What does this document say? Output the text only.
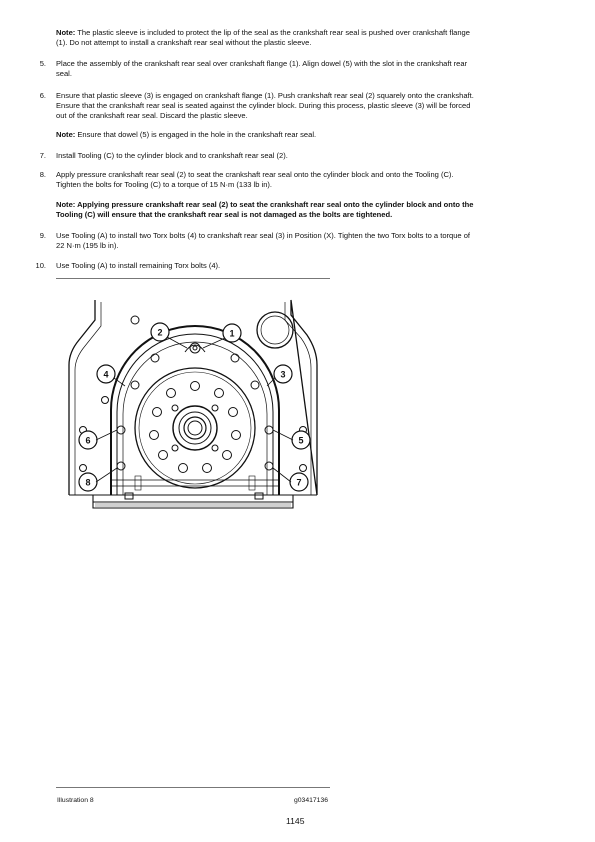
Note: The plastic sleeve is included to protect the lip of the seal as the crankshaft rear seal is pushed over crankshaft flange
(1). Do not attempt to install a crankshaft rear seal without the plastic sleeve.
5. Place the assembly of the crankshaft rear seal over crankshaft flange (1). Align dowel (5) with the slot in the crankshaft rear
seal.
6. Ensure that plastic sleeve (3) is engaged on crankshaft flange (1). Push crankshaft rear seal (2) squarely onto the crankshaft.
Ensure that the crankshaft rear seal is seated against the cylinder block. During this process, plastic sleeve (3) will be forced
out of the crankshaft rear seal. Discard the plastic sleeve.
Note: Ensure that dowel (5) is engaged in the hole in the crankshaft rear seal.
7. Install Tooling (C) to the cylinder block and to crankshaft rear seal (2).
8. Apply pressure crankshaft rear seal (2) to seat the crankshaft rear seal onto the cylinder block and onto the Tooling (C).
Tighten the bolts for Tooling (C) to a torque of 15 N·m (133 lb in).
Note: Applying pressure crankshaft rear seal (2) to seat the crankshaft rear seal onto the cylinder block and onto the
Tooling (C) will ensure that the crankshaft rear seal is not damaged as the bolts are tightened.
9. Use Tooling (A) to install two Torx bolts (4) to crankshaft rear seal (3) in Position (X). Tighten the two Torx bolts to a torque of
22 N·m (195 lb in).
10. Use Tooling (A) to install remaining Torx bolts (4).
1
2
3
4
5
6
7
8
Illustration 8	g03417136
1145
